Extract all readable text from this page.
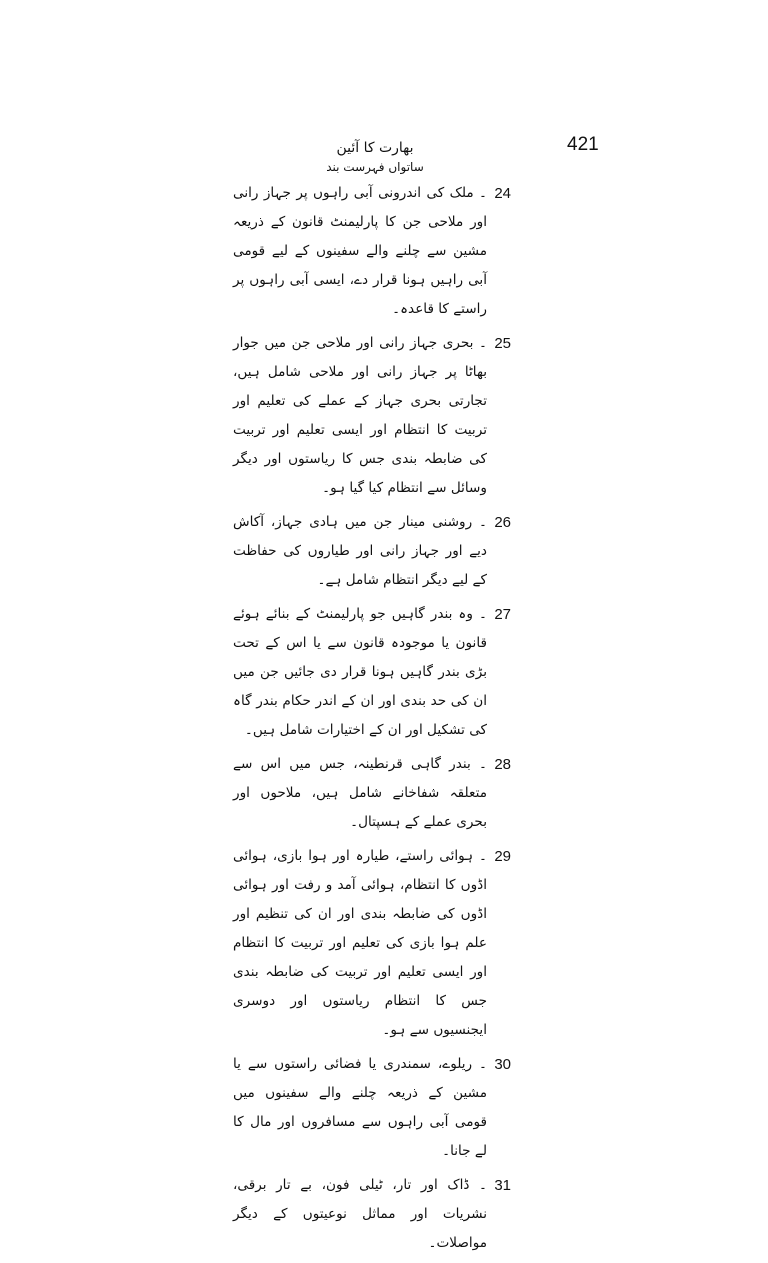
421
بھارت کا آئین
ساتواں فہرست بند
24
۔ ملک کی اندرونی آبی راہوں پر جہاز رانی اور ملاحی جن کا پارلیمنٹ قانون کے ذریعہ مشین سے چلنے والے سفینوں کے لیے قومی آبی راہیں ہونا قرار دے، ایسی آبی راہوں پر راستے کا قاعدہ۔
25
۔ بحری جہاز رانی اور ملاحی جن میں جوار بھاٹا پر جہاز رانی اور ملاحی شامل ہیں، تجارتی بحری جہاز کے عملے کی تعلیم اور تربیت کا انتظام اور ایسی تعلیم اور تربیت کی ضابطہ بندی جس کا ریاستوں اور دیگر وسائل سے انتظام کیا گیا ہو۔
26
۔ روشنی مینار جن میں ہادی جہاز، آکاش دیے اور جہاز رانی اور طیاروں کی حفاظت کے لیے دیگر انتظام شامل ہے۔
27
۔ وہ بندر گاہیں جو پارلیمنٹ کے بنائے ہوئے قانون یا موجودہ قانون سے یا اس کے تحت بڑی بندر گاہیں ہونا قرار دی جائیں جن میں ان کی حد بندی اور ان کے اندر حکام بندر گاہ کی تشکیل اور ان کے اختیارات شامل ہیں۔
28
۔ بندر گاہی قرنطینہ، جس میں اس سے متعلقہ شفاخانے شامل ہیں، ملاحوں اور بحری عملے کے ہسپتال۔
29
۔ ہوائی راستے، طیارہ اور ہوا بازی، ہوائی اڈوں کا انتظام، ہوائی آمد و رفت اور ہوائی اڈوں کی ضابطہ بندی اور ان کی تنظیم اور علم ہوا بازی کی تعلیم اور تربیت کا انتظام اور ایسی تعلیم اور تربیت کی ضابطہ بندی جس کا انتظام ریاستوں اور دوسری ایجنسیوں سے ہو۔
30
۔ ریلوے، سمندری یا فضائی راستوں سے یا مشین کے ذریعہ چلنے والے سفینوں میں قومی آبی راہوں سے مسافروں اور مال کا لے جانا۔
31
۔ ڈاک اور تار، ٹیلی فون، بے تار برقی، نشریات اور مماثل نوعیتوں کے دیگر مواصلات۔
